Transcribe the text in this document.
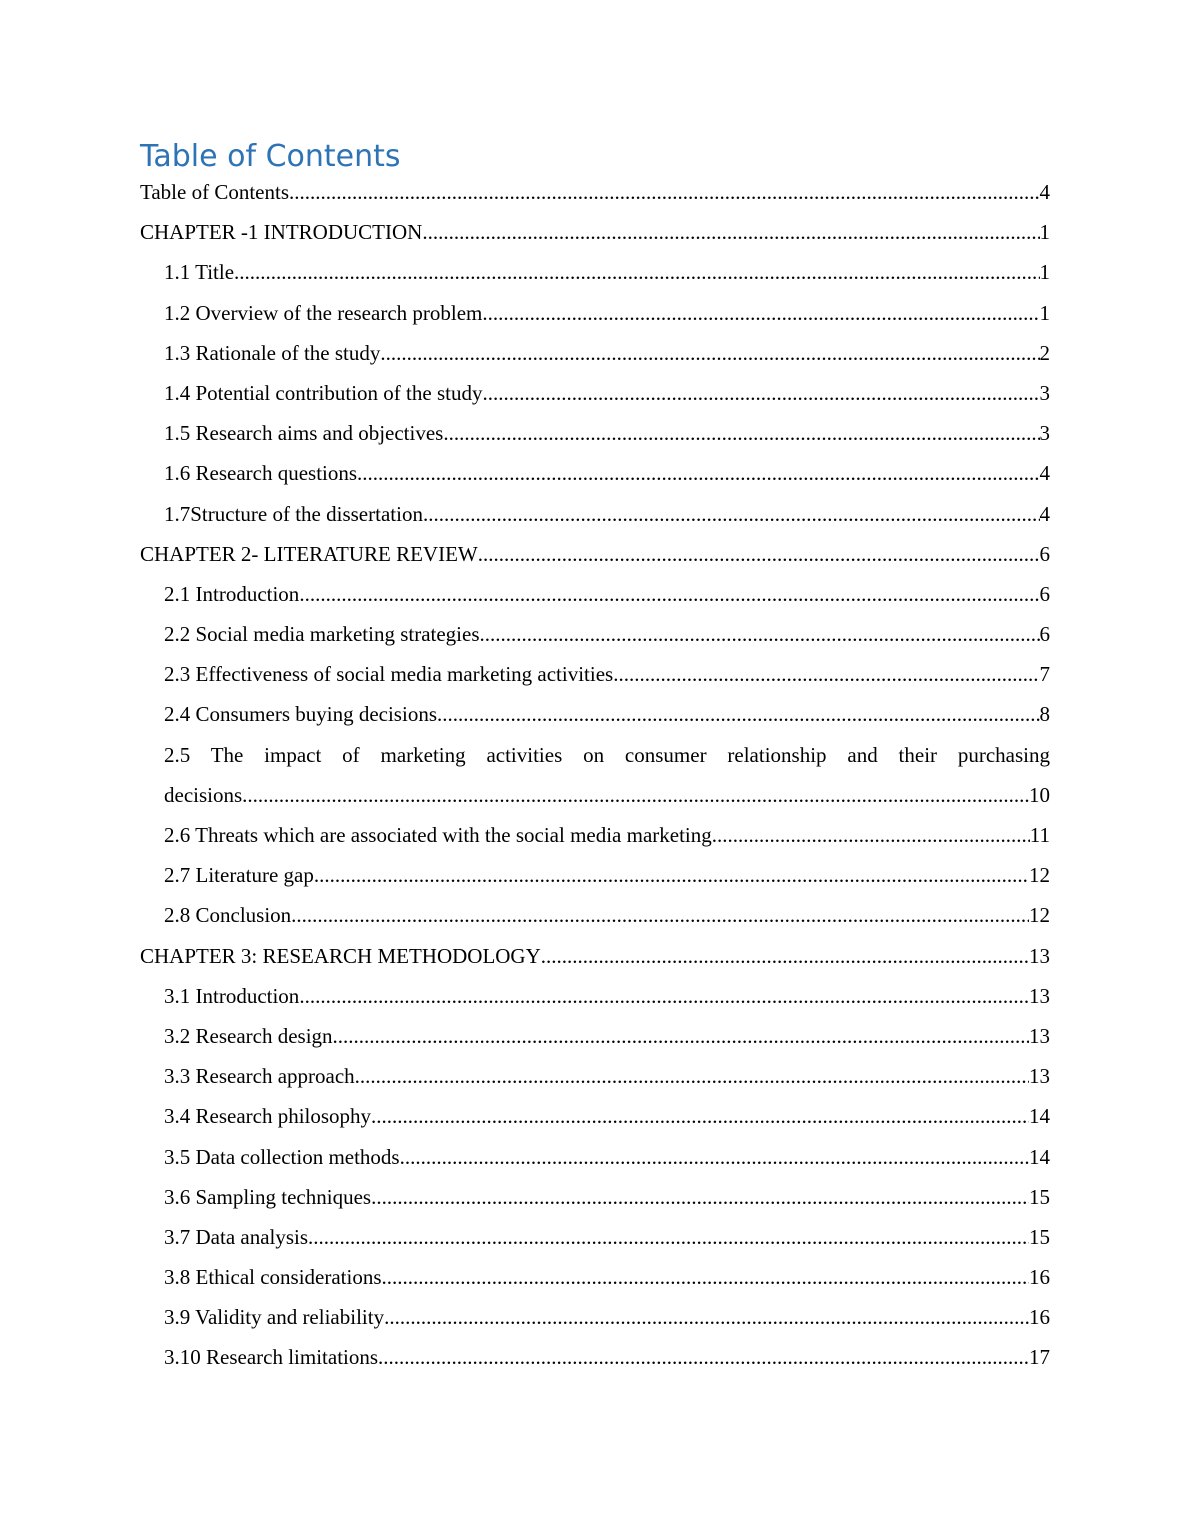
Table of Contents
Table of Contents .....	4
CHAPTER -1 INTRODUCTION .....	1
1.1 Title .....	1
1.2 Overview of the research problem .....	1
1.3 Rationale of the study .....	2
1.4 Potential contribution of the study .....	3
1.5 Research aims and objectives .....	3
1.6 Research questions .....	4
1.7Structure of the dissertation .....	4
CHAPTER 2- LITERATURE REVIEW .....	6
2.1 Introduction .....	6
2.2 Social media marketing strategies .....	6
2.3 Effectiveness of social media marketing activities .....	7
2.4 Consumers buying decisions .....	8
2.5 The impact of marketing activities on consumer relationship and their purchasing
decisions .....	10
2.6 Threats which are associated with the social media marketing .....	11
2.7 Literature gap .....	12
2.8 Conclusion .....	12
CHAPTER 3: RESEARCH METHODOLOGY .....	13
3.1 Introduction .....	13
3.2 Research design .....	13
3.3 Research approach .....	13
3.4 Research philosophy .....	14
3.5 Data collection methods .....	14
3.6 Sampling techniques .....	15
3.7 Data analysis .....	15
3.8 Ethical considerations .....	16
3.9 Validity and reliability .....	16
3.10 Research limitations .....	17
